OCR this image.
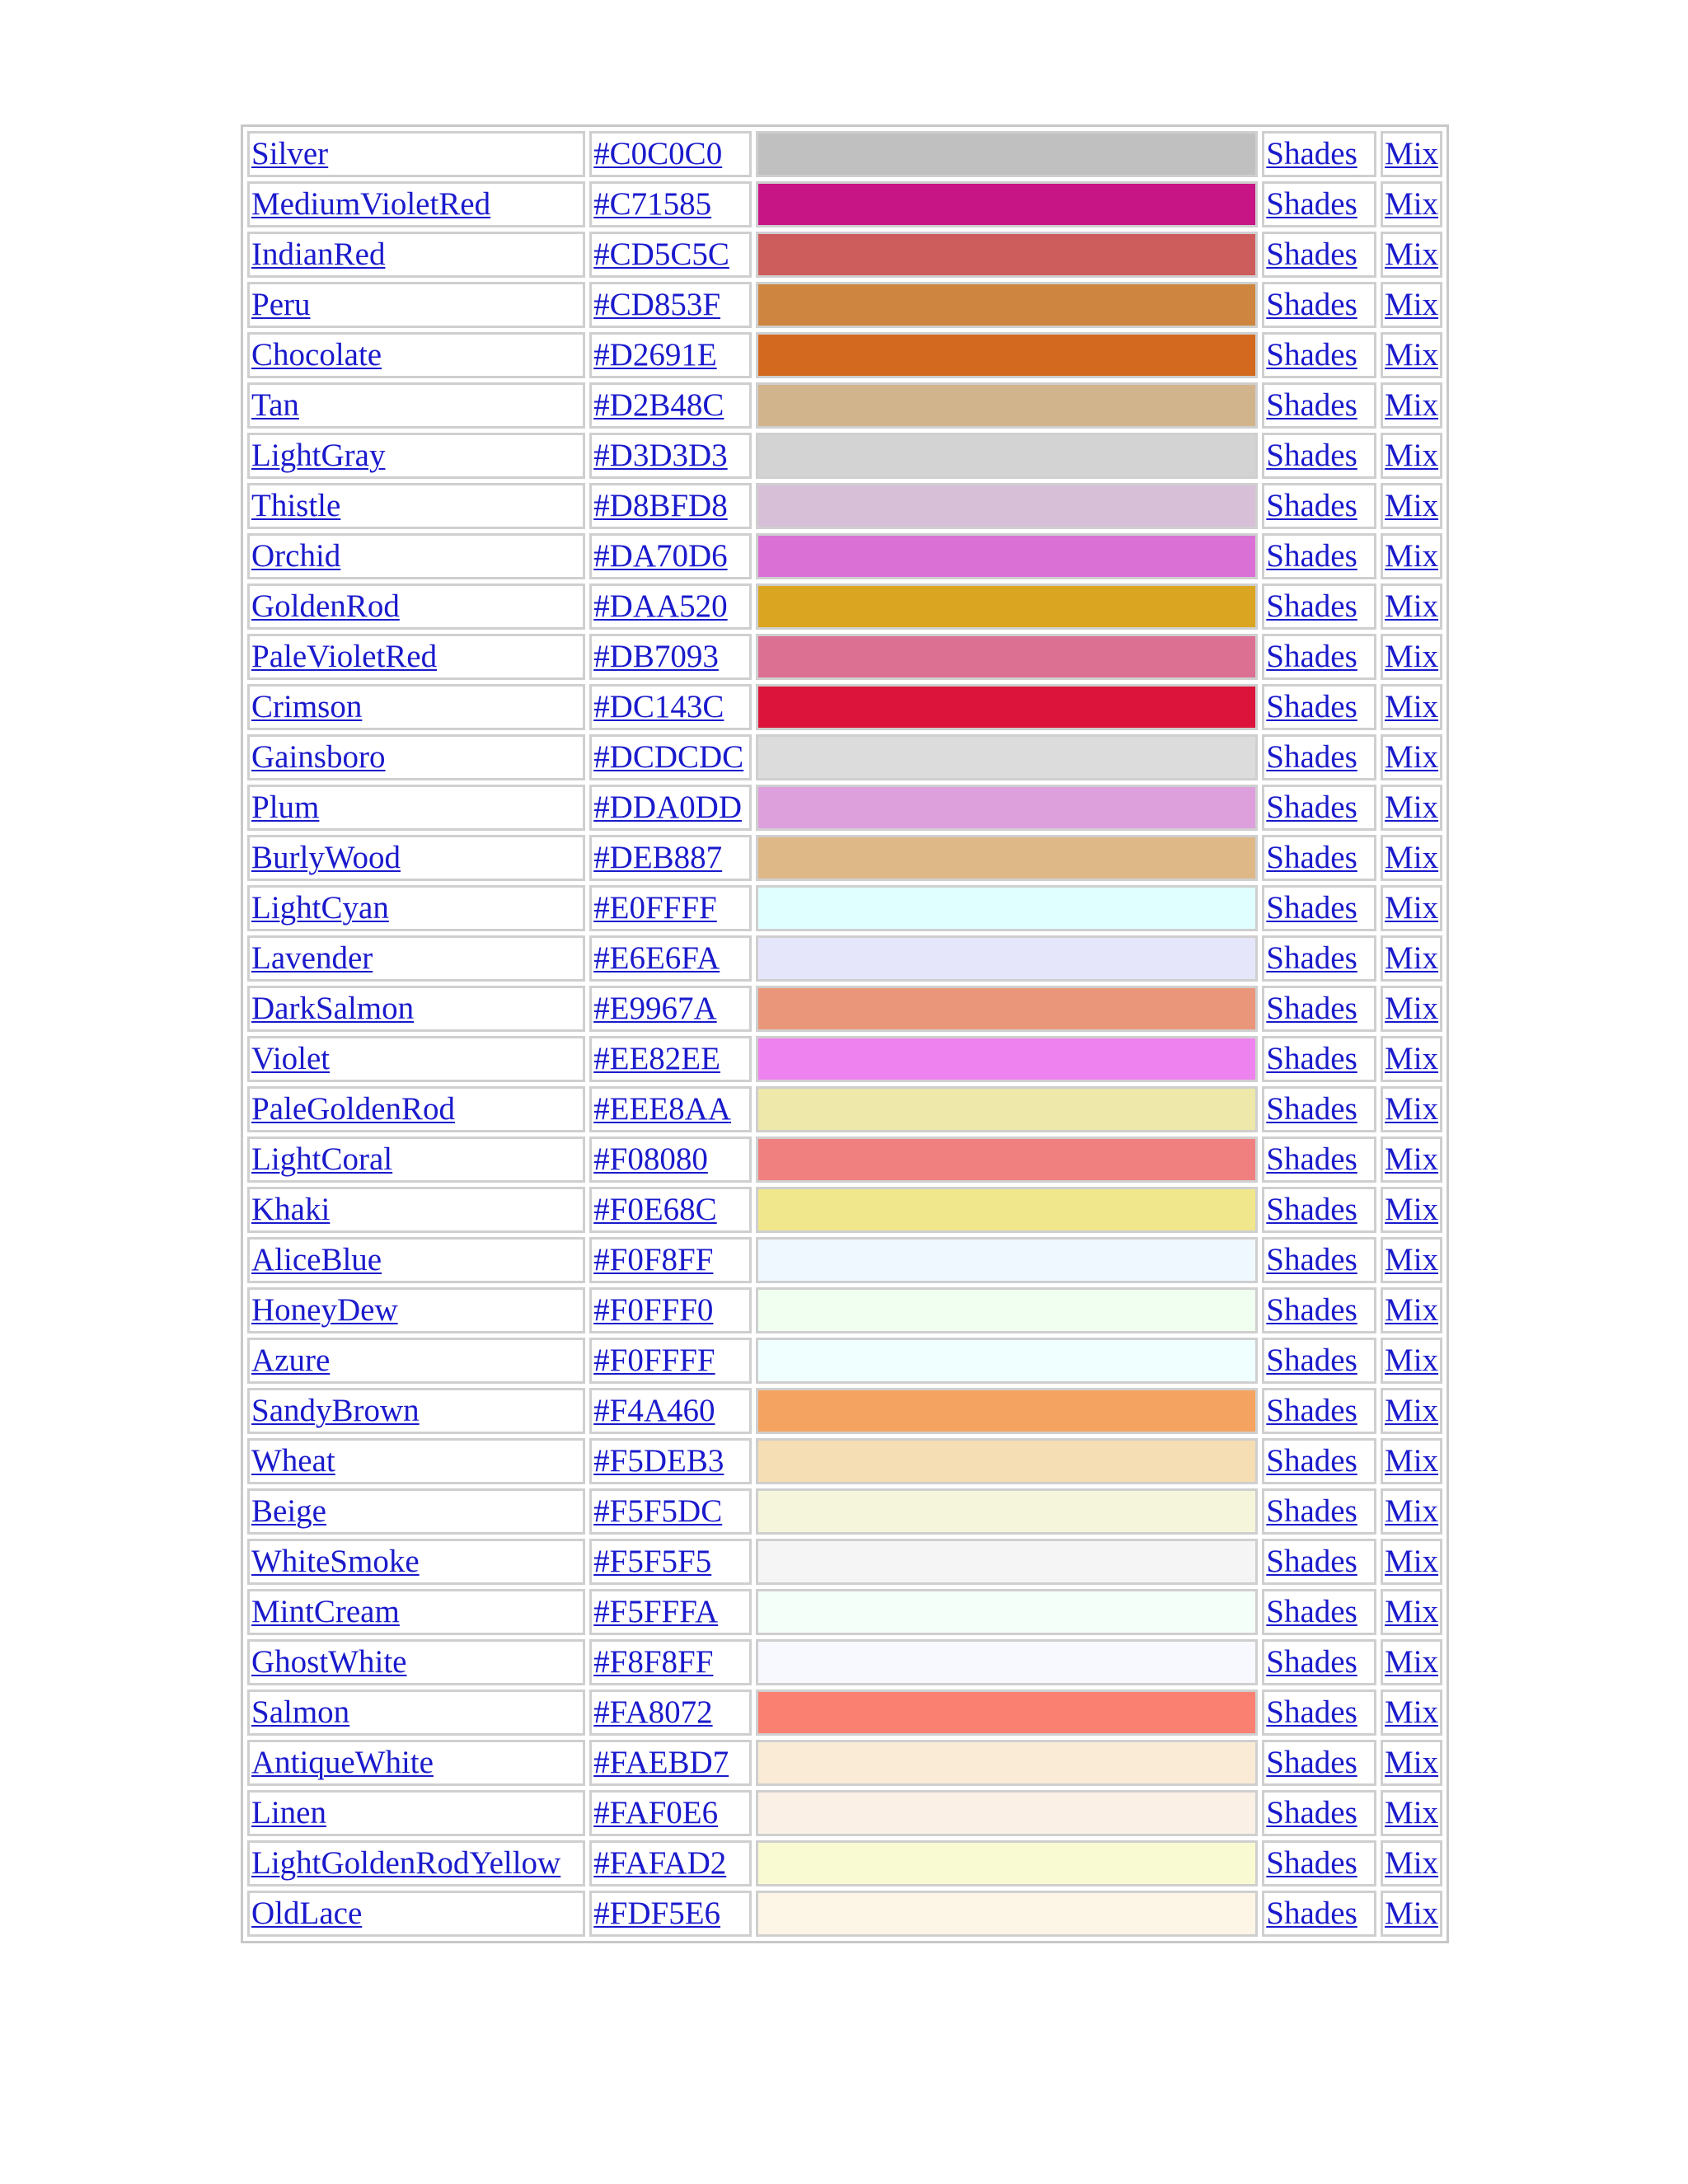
Silver	#C0C0C0		Shades	Mix
MediumVioletRed	#C71585		Shades	Mix
IndianRed	#CD5C5C		Shades	Mix
Peru	#CD853F		Shades	Mix
Chocolate	#D2691E		Shades	Mix
Tan	#D2B48C		Shades	Mix
LightGray	#D3D3D3		Shades	Mix
Thistle	#D8BFD8		Shades	Mix
Orchid	#DA70D6		Shades	Mix
GoldenRod	#DAA520		Shades	Mix
PaleVioletRed	#DB7093		Shades	Mix
Crimson	#DC143C		Shades	Mix
Gainsboro	#DCDCDC		Shades	Mix
Plum	#DDA0DD		Shades	Mix
BurlyWood	#DEB887		Shades	Mix
LightCyan	#E0FFFF		Shades	Mix
Lavender	#E6E6FA		Shades	Mix
DarkSalmon	#E9967A		Shades	Mix
Violet	#EE82EE		Shades	Mix
PaleGoldenRod	#EEE8AA		Shades	Mix
LightCoral	#F08080		Shades	Mix
Khaki	#F0E68C		Shades	Mix
AliceBlue	#F0F8FF		Shades	Mix
HoneyDew	#F0FFF0		Shades	Mix
Azure	#F0FFFF		Shades	Mix
SandyBrown	#F4A460		Shades	Mix
Wheat	#F5DEB3		Shades	Mix
Beige	#F5F5DC		Shades	Mix
WhiteSmoke	#F5F5F5		Shades	Mix
MintCream	#F5FFFA		Shades	Mix
GhostWhite	#F8F8FF		Shades	Mix
Salmon	#FA8072		Shades	Mix
AntiqueWhite	#FAEBD7		Shades	Mix
Linen	#FAF0E6		Shades	Mix
LightGoldenRodYellow	#FAFAD2		Shades	Mix
OldLace	#FDF5E6		Shades	Mix
